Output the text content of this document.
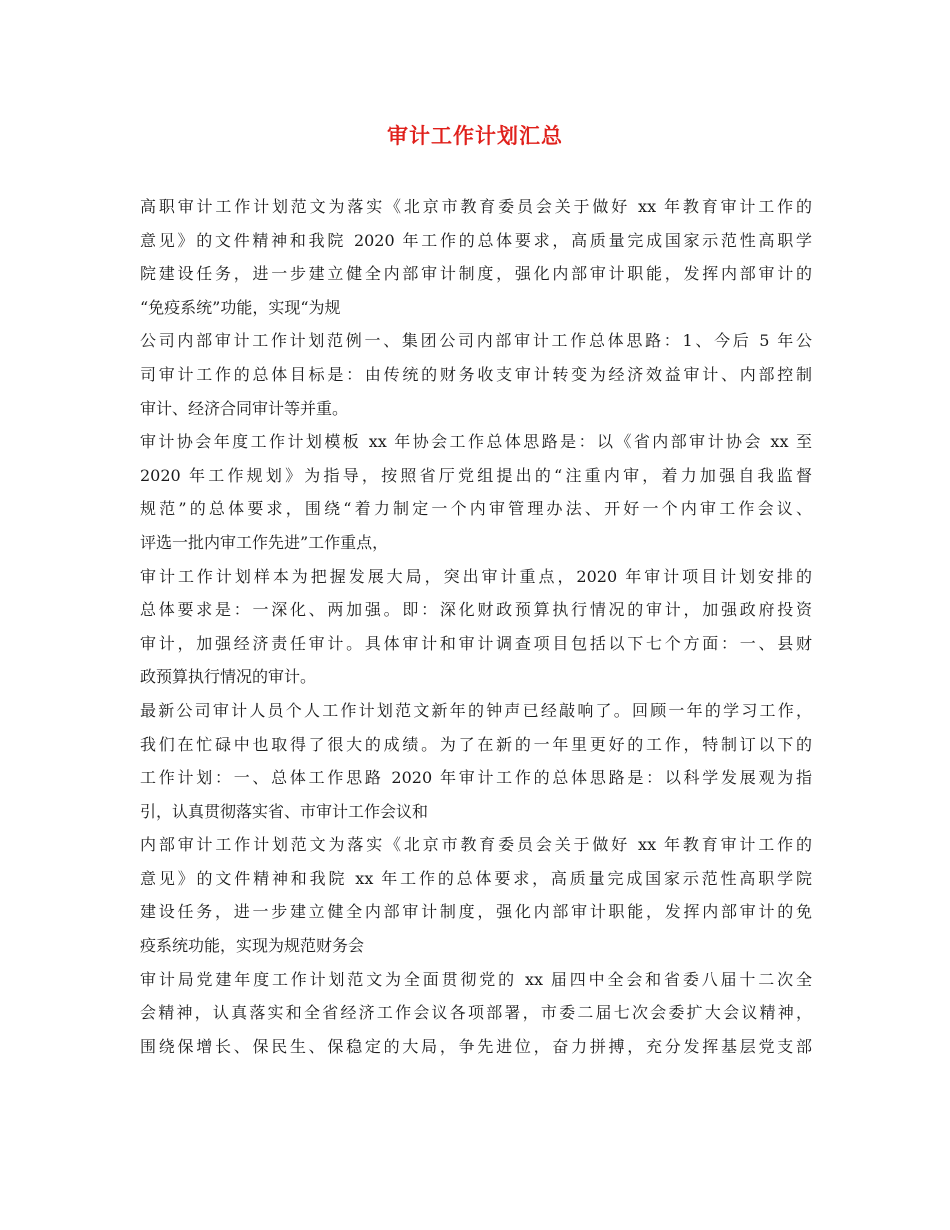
审计工作计划汇总
高职审计工作计划范文为落实《北京市教育委员会关于做好 xx 年教育审计工作的
意见》的文件精神和我院 2020 年工作的总体要求，高质量完成国家示范性高职学
院建设任务，进一步建立健全内部审计制度，强化内部审计职能，发挥内部审计的
“免疫系统”功能，实现“为规
公司内部审计工作计划范例一、集团公司内部审计工作总体思路：1、今后 5 年公
司审计工作的总体目标是：由传统的财务收支审计转变为经济效益审计、内部控制
审计、经济合同审计等并重。
审计协会年度工作计划模板 xx 年协会工作总体思路是：以《省内部审计协会 xx 至
2020 年工作规划》为指导，按照省厅党组提出的“注重内审，着力加强自我监督
规范”的总体要求，围绕“着力制定一个内审管理办法、开好一个内审工作会议、
评选一批内审工作先进”工作重点，
审计工作计划样本为把握发展大局，突出审计重点，2020 年审计项目计划安排的
总体要求是：一深化、两加强。即：深化财政预算执行情况的审计，加强政府投资
审计，加强经济责任审计。具体审计和审计调查项目包括以下七个方面：一、县财
政预算执行情况的审计。
最新公司审计人员个人工作计划范文新年的钟声已经敲响了。回顾一年的学习工作，
我们在忙碌中也取得了很大的成绩。为了在新的一年里更好的工作，特制订以下的
工作计划：一、总体工作思路 2020 年审计工作的总体思路是：以科学发展观为指
引，认真贯彻落实省、市审计工作会议和
内部审计工作计划范文为落实《北京市教育委员会关于做好 xx 年教育审计工作的
意见》的文件精神和我院 xx 年工作的总体要求，高质量完成国家示范性高职学院
建设任务，进一步建立健全内部审计制度，强化内部审计职能，发挥内部审计的免
疫系统功能，实现为规范财务会
审计局党建年度工作计划范文为全面贯彻党的 xx 届四中全会和省委八届十二次全
会精神，认真落实和全省经济工作会议各项部署，市委二届七次会委扩大会议精神，
围绕保增长、保民生、保稳定的大局，争先进位，奋力拼搏，充分发挥基层党支部
